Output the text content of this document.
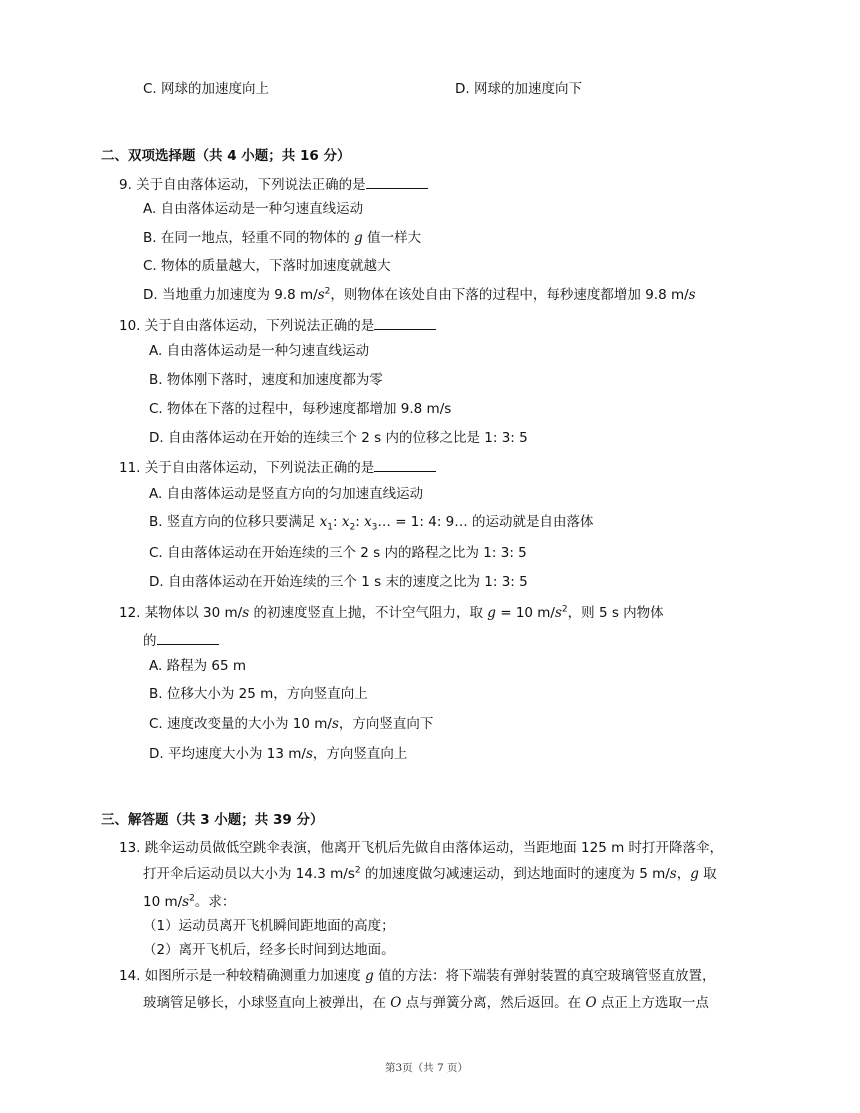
C. 网球的加速度向上	D. 网球的加速度向下
二、双项选择题（共 4 小题；共 16 分）
9. 关于自由落体运动，下列说法正确的是
A. 自由落体运动是一种匀速直线运动
B. 在同一地点，轻重不同的物体的 g 值一样大
C. 物体的质量越大，下落时加速度就越大
D. 当地重力加速度为 9.8 $m/s^2$，则物体在该处自由下落的过程中，每秒速度都增加 9.8 m/s
10. 关于自由落体运动，下列说法正确的是
A. 自由落体运动是一种匀速直线运动
B. 物体刚下落时，速度和加速度都为零
C. 物体在下落的过程中，每秒速度都增加 9.8 m/s
D. 自由落体运动在开始的连续三个 2 s 内的位移之比是 1: 3: 5
11. 关于自由落体运动，下列说法正确的是
A. 自由落体运动是竖直方向的匀加速直线运动
B. 竖直方向的位移只要满足 $x_1$: $x_2$: $x_3\dots = 1$: 4: 9… 的运动就是自由落体
C. 自由落体运动在开始连续的三个 2 s 内的路程之比为 1: 3: 5
D. 自由落体运动在开始连续的三个 1 s 末的速度之比为 1: 3: 5
12. 某物体以 30 m/s 的初速度竖直上抛，不计空气阻力，取 g = 10 $m/s^2$，则 5 s 内物体
的
A. 路程为 65 m
B. 位移大小为 25 m，方向竖直向上
C. 速度改变量的大小为 10 m/s，方向竖直向下
D. 平均速度大小为 13 m/s，方向竖直向上
三、解答题（共 3 小题；共 39 分）
13. 跳伞运动员做低空跳伞表演，他离开飞机后先做自由落体运动，当距地面 125 m 时打开降落伞，
打开伞后运动员以大小为 14.3 $m/s^2$ 的加速度做匀减速运动，到达地面时的速度为 5 m/s，g 取
10 $m/s^2$。求：
（1）运动员离开飞机瞬间距地面的高度；
（2）离开飞机后，经多长时间到达地面。
14. 如图所示是一种较精确测重力加速度 g 值的方法：将下端装有弹射装置的真空玻璃管竖直放置，
玻璃管足够长，小球竖直向上被弹出，在 O 点与弹簧分离，然后返回。在 O 点正上方选取一点
第3页（共 7 页）
